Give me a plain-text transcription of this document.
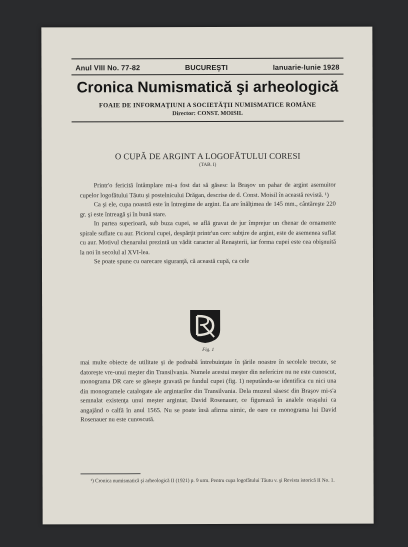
Anul VIII No. 77-82	BUCUREŞTI	Ianuarie-Iunie 1928
Cronica Numismatică şi arheologică
FOAIE DE INFORMAŢIUNI A SOCIETĂŢII NUMISMATICE ROMÂNE
Director: CONST. MOISIL
O CUPĂ DE ARGINT A LOGOFĂTULUI CORESI
(TAB. I)

Printr'o fericită întâmplare mi-a fost dat să găsesc la Braşov un pahar de argint asemuitor cupelor logofătului Tăutu şi postelnicului Drăgan, descrise de d. Const. Moisil în această revistă. ¹)

Ca şi ele, cupa noastră este în întregime de argint. Ea are înălţimea de 145 mm., cântăreşte 220 gr. şi este întreagă şi în bună stare.

In partea superioară, sub buza cupei, se află gravat de jur împrejur un chenar de ornamente spirale suflate cu aur. Piciorul cupei, despărţit printr'un cerc subţire de argint, este de asemenea suflat cu aur. Motivul chenarului prezintă un vădit caracter al Renaşterii, iar forma cupei este cea obişnuită la noi în secolul al XVI-lea.

Se poate spune cu oarecare siguranţă, că această cupă, ca cele

Fig. 1

mai multe obiecte de utilitate şi de podoabă întrebuinţate în ţările noastre în secolele trecute, se datoreşte vre-unui meşter din Transilvania. Numele acestui meşter din neferícire nu ne este cunoscut, monograma DR care se găseşte gravată pe fundul cupei (fig. 1) neputându-se identifica cu nici una din monogramele catalogate ale argintarilor din Transilvania. Dela muzeul săsesc din Braşov mi-s'a semnalat existenţa unui meşter argintar, David Rosenauer, ce figurează în analele oraşului ca angajând o calfă în anul 1565. Nu se poate însă afirma nimic, de oare ce monograma lui David Rosenauer nu este cunoscută.

¹) Cronica numismatică şi arheologică II (1921) p. 9 urm. Pentru cupa logofătului Tăutu v. şi Revista istorică II No. 1.
